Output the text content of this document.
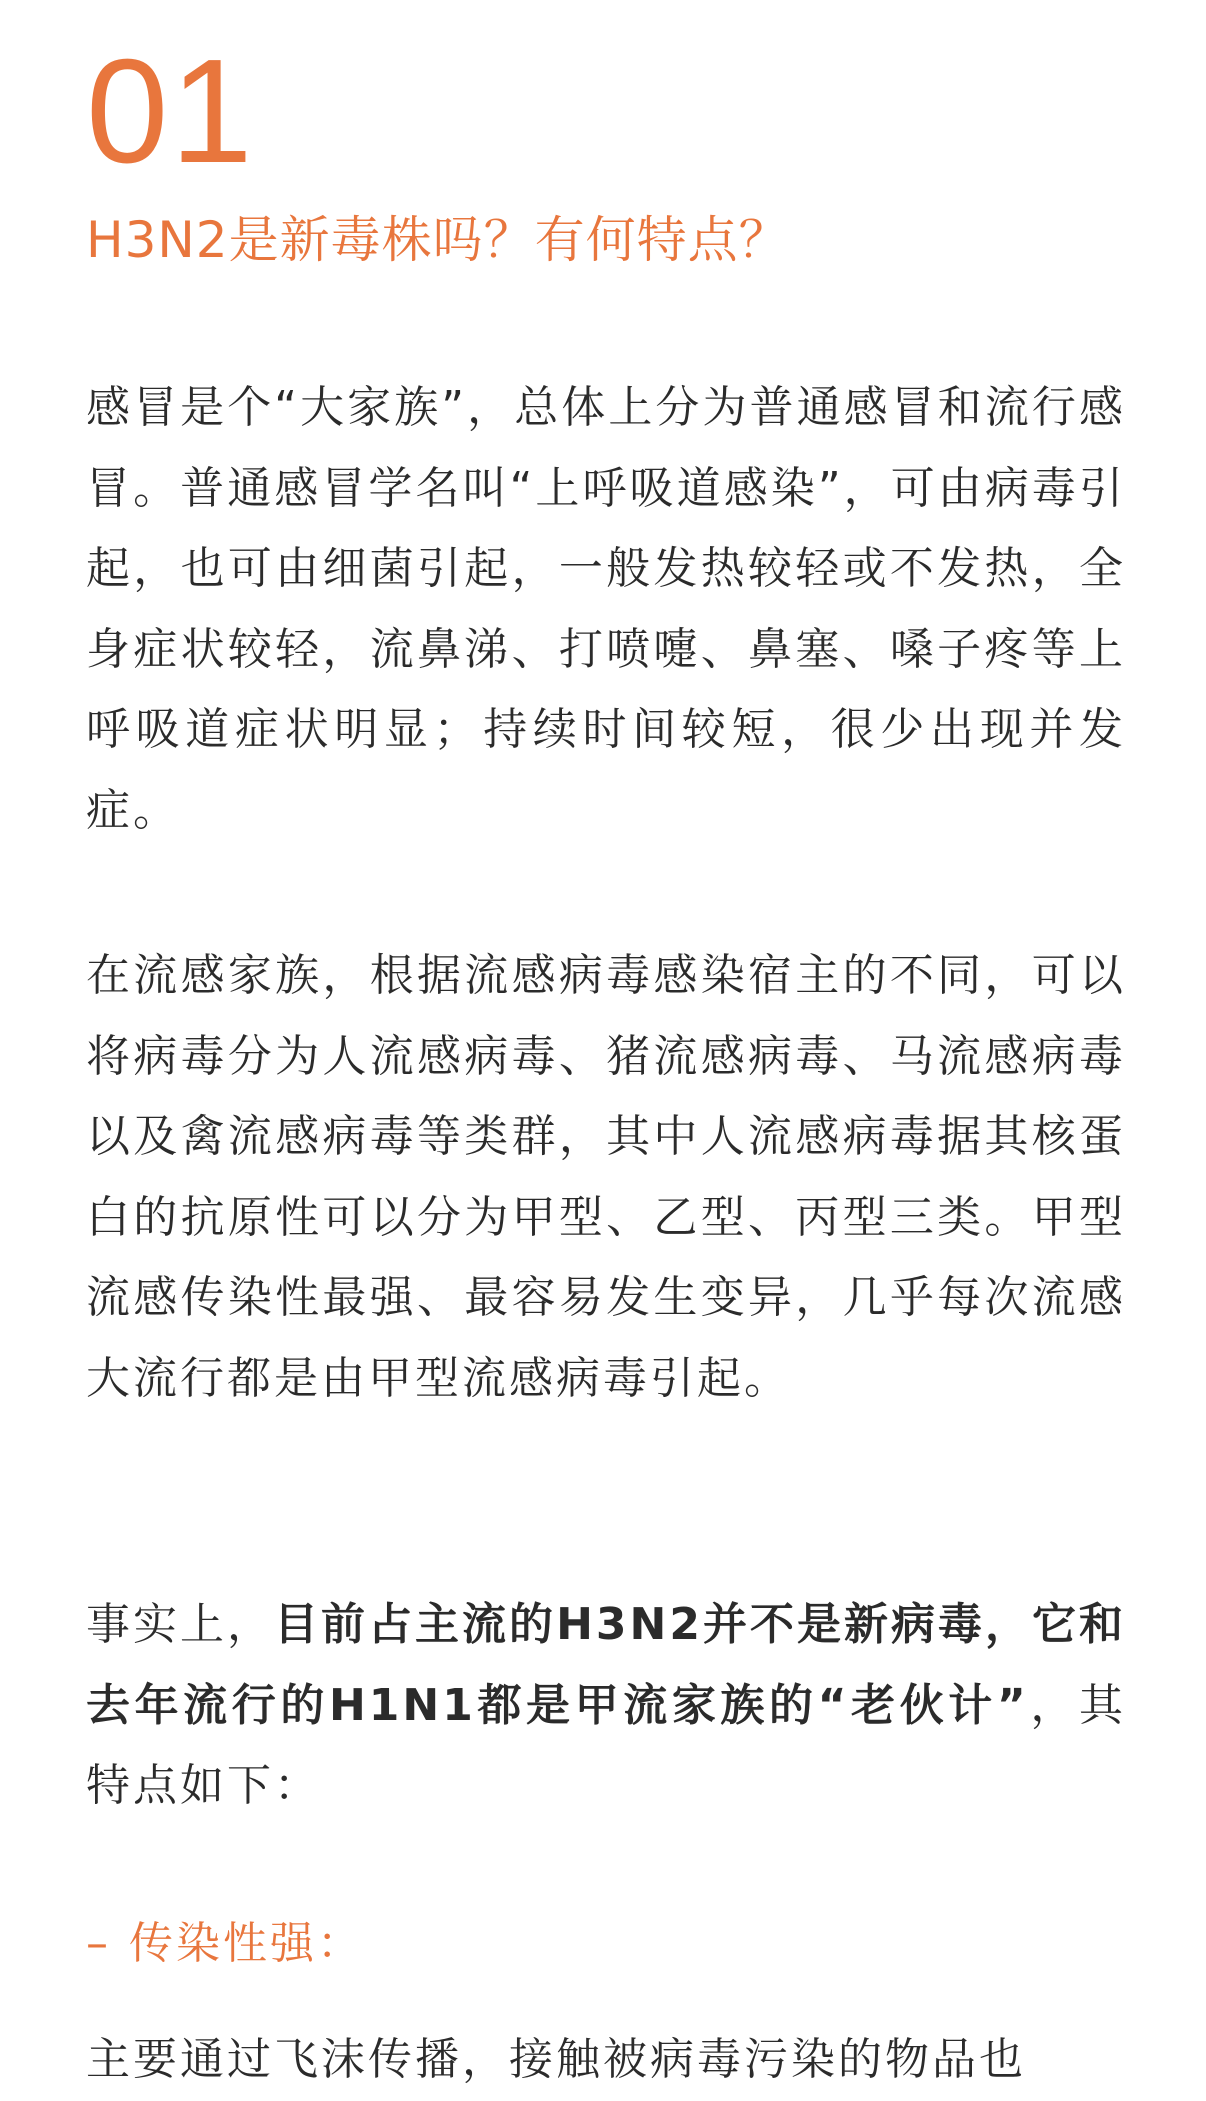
01
H3N2是新毒株吗？有何特点？

感冒是个“大家族”，总体上分为普通感冒和流行感冒。普通感冒学名叫“上呼吸道感染”，可由病毒引起，也可由细菌引起，一般发热较轻或不发热，全身症状较轻，流鼻涕、打喷嚏、鼻塞、嗓子疼等上呼吸道症状明显；持续时间较短，很少出现并发症。

在流感家族，根据流感病毒感染宿主的不同，可以将病毒分为人流感病毒、猪流感病毒、马流感病毒以及禽流感病毒等类群，其中人流感病毒据其核蛋白的抗原性可以分为甲型、乙型、丙型三类。甲型流感传染性最强、最容易发生变异，几乎每次流感大流行都是由甲型流感病毒引起。

事实上，目前占主流的H3N2并不是新病毒，它和去年流行的H1N1都是甲流家族的“老伙计”，其特点如下：

– 传染性强：

主要通过飞沫传播，接触被病毒污染的物品也
